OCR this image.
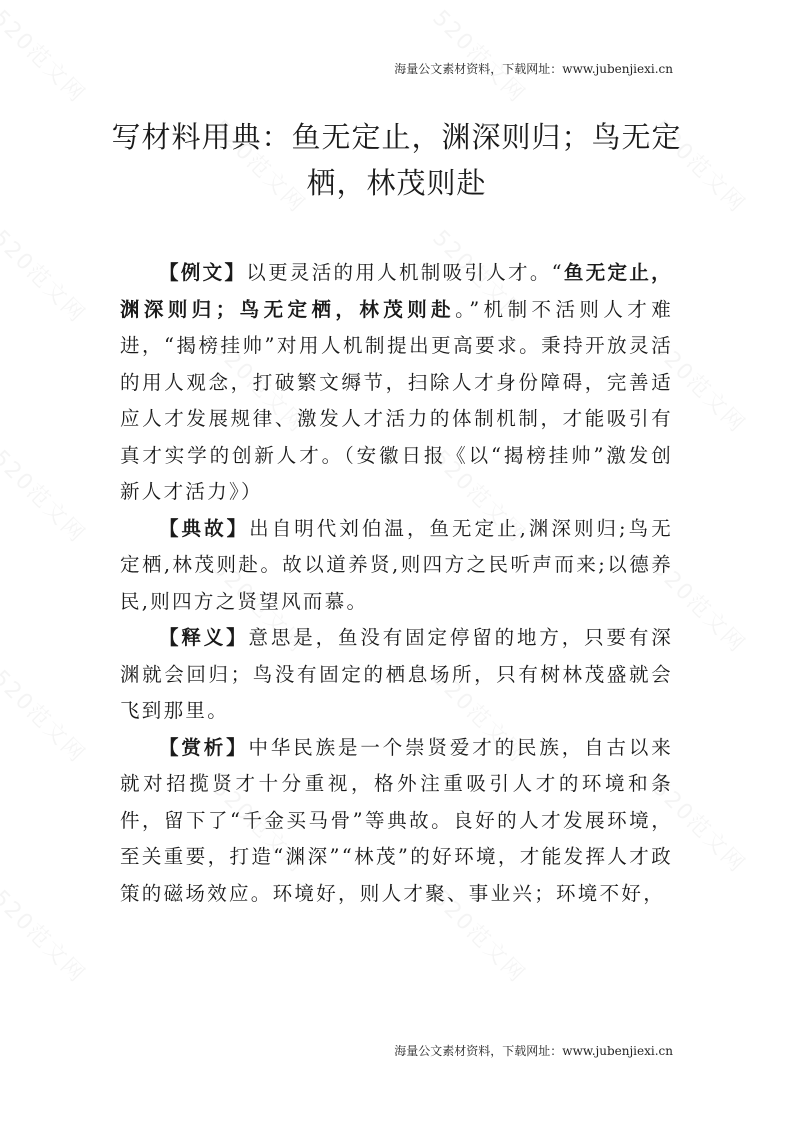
海量公文素材资料，下载网址：www.jubenjiexi.cn
写材料用典：鱼无定止，渊深则归；鸟无定栖，林茂则赴

【例文】以更灵活的用人机制吸引人才。“鱼无定止，渊深则归；鸟无定栖，林茂则赴。”机制不活则人才难进，“揭榜挂帅”对用人机制提出更高要求。秉持开放灵活的用人观念，打破繁文缛节，扫除人才身份障碍，完善适应人才发展规律、激发人才活力的体制机制，才能吸引有真才实学的创新人才。（安徽日报《以“揭榜挂帅”激发创新人才活力》）

【典故】出自明代刘伯温，鱼无定止,渊深则归;鸟无定栖,林茂则赴。故以道养贤,则四方之民听声而来;以德养民,则四方之贤望风而慕。

【释义】意思是，鱼没有固定停留的地方，只要有深渊就会回归；鸟没有固定的栖息场所，只有树林茂盛就会飞到那里。

【赏析】中华民族是一个崇贤爱才的民族，自古以来就对招揽贤才十分重视，格外注重吸引人才的环境和条件，留下了“千金买马骨”等典故。良好的人才发展环境，至关重要，打造“渊深”“林茂”的好环境，才能发挥人才政策的磁场效应。环境好，则人才聚、事业兴；环境不好，

海量公文素材资料，下载网址：www.jubenjiexi.cn
